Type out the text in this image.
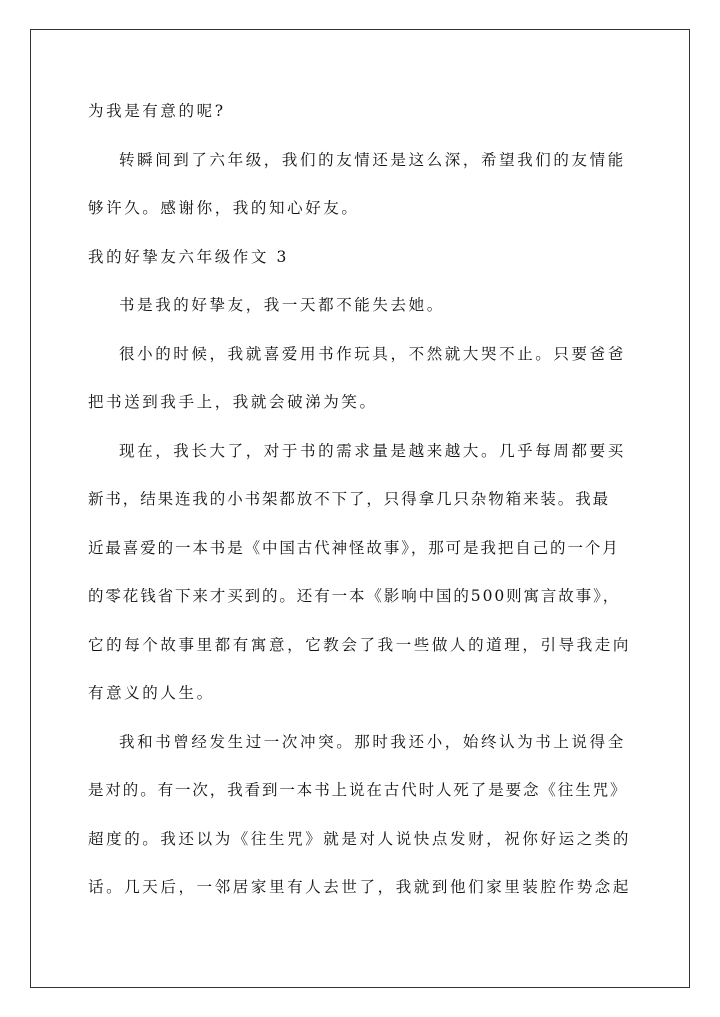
为我是有意的呢?
转瞬间到了六年级，我们的友情还是这么深，希望我们的友情能
够许久。感谢你，我的知心好友。
我的好挚友六年级作文 3
书是我的好挚友，我一天都不能失去她。
很小的时候，我就喜爱用书作玩具，不然就大哭不止。只要爸爸
把书送到我手上，我就会破涕为笑。
现在，我长大了，对于书的需求量是越来越大。几乎每周都要买
新书，结果连我的小书架都放不下了，只得拿几只杂物箱来装。我最
近最喜爱的一本书是《中国古代神怪故事》，那可是我把自己的一个月
的零花钱省下来才买到的。还有一本《影响中国的500则寓言故事》，
它的每个故事里都有寓意，它教会了我一些做人的道理，引导我走向
有意义的人生。
我和书曾经发生过一次冲突。那时我还小，始终认为书上说得全
是对的。有一次，我看到一本书上说在古代时人死了是要念《往生咒》
超度的。我还以为《往生咒》就是对人说快点发财，祝你好运之类的
话。几天后，一邻居家里有人去世了，我就到他们家里装腔作势念起
